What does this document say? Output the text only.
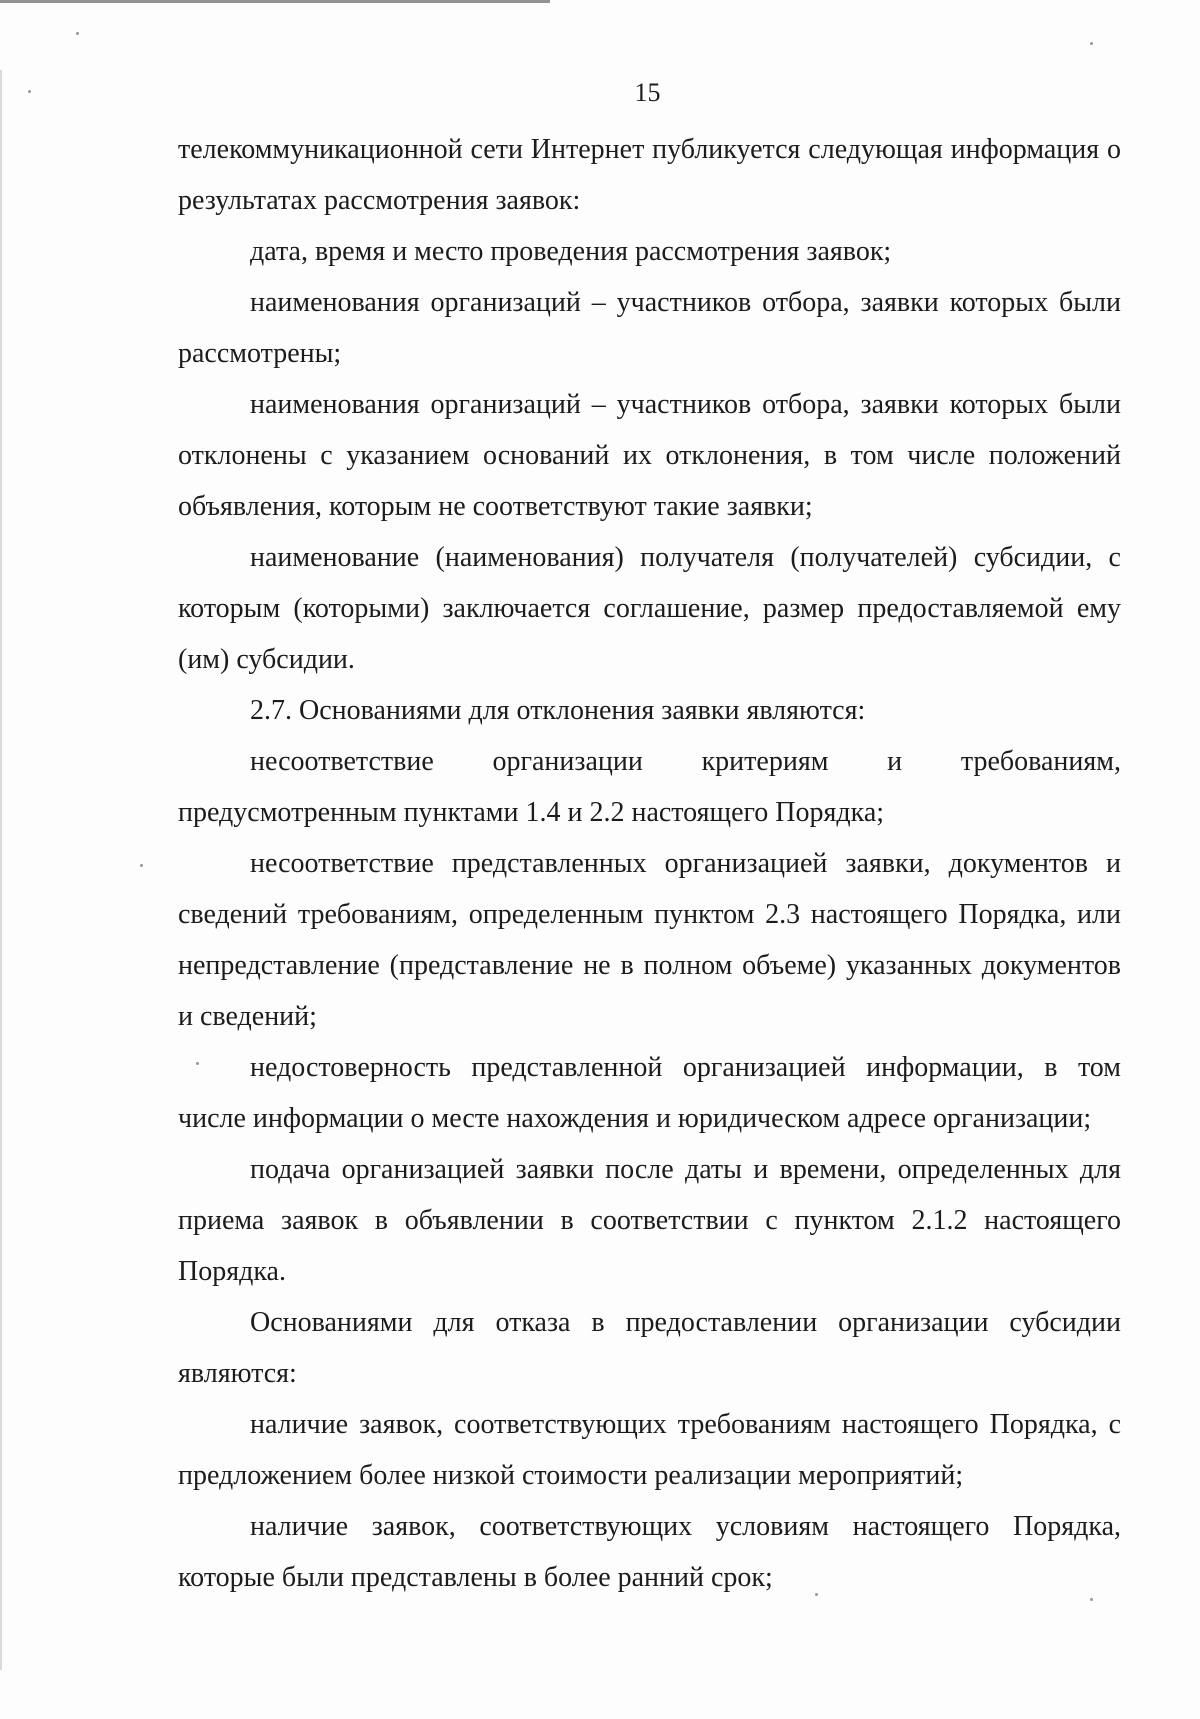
15

телекоммуникационной сети Интернет публикуется следующая информация о результатах рассмотрения заявок:

дата, время и место проведения рассмотрения заявок;

наименования организаций – участников отбора, заявки которых были рассмотрены;

наименования организаций – участников отбора, заявки которых были отклонены с указанием оснований их отклонения, в том числе положений объявления, которым не соответствуют такие заявки;

наименование (наименования) получателя (получателей) субсидии, с которым (которыми) заключается соглашение, размер предоставляемой ему (им) субсидии.

2.7. Основаниями для отклонения заявки являются:

несоответствие организации критериям и требованиям, предусмотренным пунктами 1.4 и 2.2 настоящего Порядка;

несоответствие представленных организацией заявки, документов и сведений требованиям, определенным пунктом 2.3 настоящего Порядка, или непредставление (представление не в полном объеме) указанных документов и сведений;

недостоверность представленной организацией информации, в том числе информации о месте нахождения и юридическом адресе организации;

подача организацией заявки после даты и времени, определенных для приема заявок в объявлении в соответствии с пунктом 2.1.2 настоящего Порядка.

Основаниями для отказа в предоставлении организации субсидии являются:

наличие заявок, соответствующих требованиям настоящего Порядка, с предложением более низкой стоимости реализации мероприятий;

наличие заявок, соответствующих условиям настоящего Порядка, которые были представлены в более ранний срок;
